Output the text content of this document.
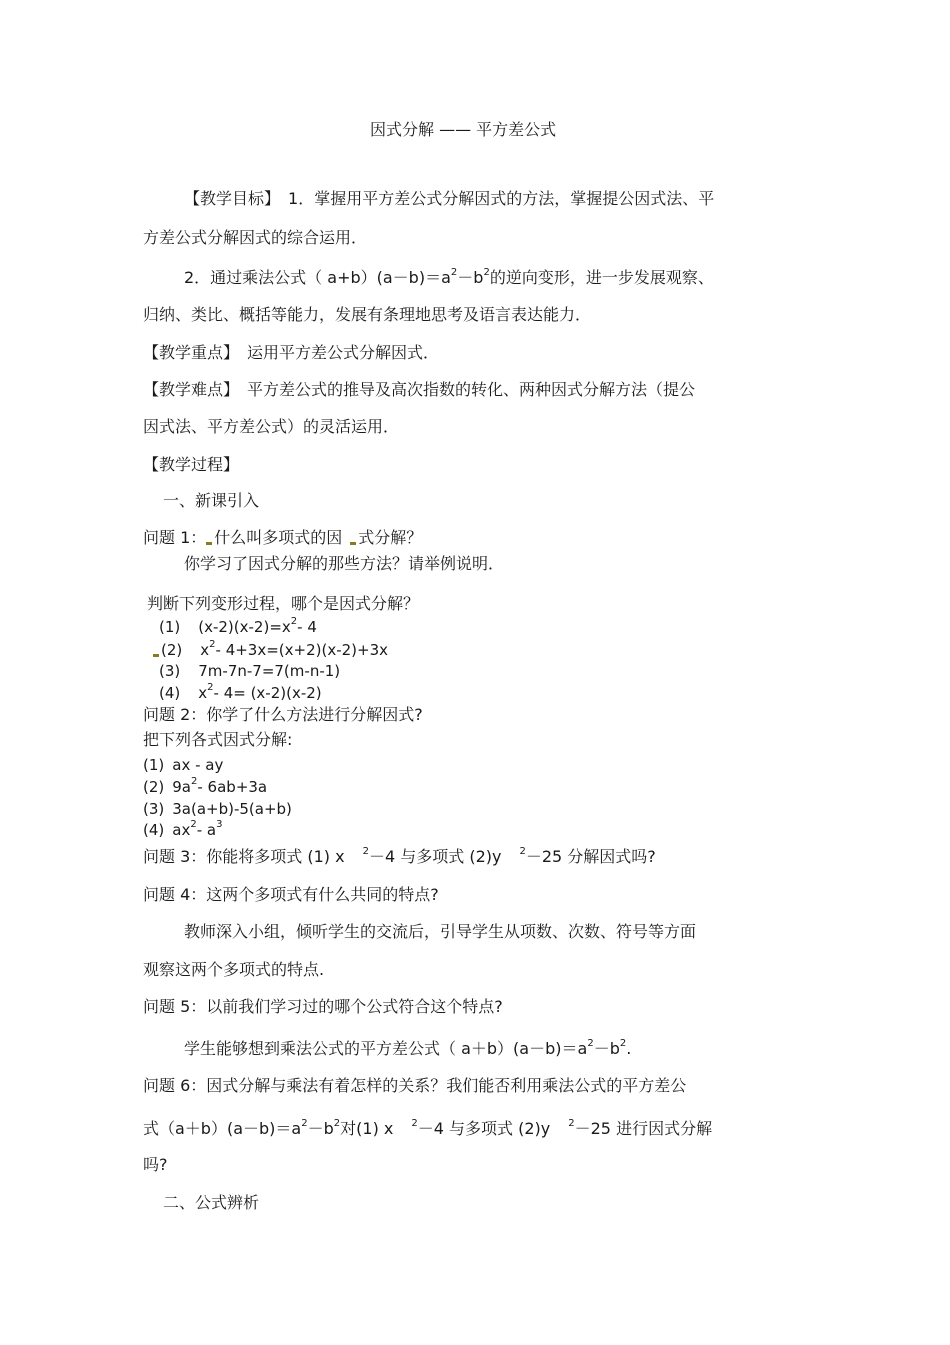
因式分解 —— 平方差公式
【教学目标】 1．掌握用平方差公式分解因式的方法，掌握提公因式法、平
方差公式分解因式的综合运用．
2．通过乘法公式（ $a+b)(a-b)=a^2-b^2$的逆向变形，进一步发展观察、
归纳、类比、概括等能力，发展有条理地思考及语言表达能力．
【教学重点】 运用平方差公式分解因式．
【教学难点】 平方差公式的推导及高次指数的转化、两种因式分解方法（提公
因式法、平方差公式）的灵活运用．
【教学过程】
一、新课引入
问题 1： 什么叫多项式的因 式分解？
你学习了因式分解的那些方法？请举例说明．
判断下列变形过程，哪个是因式分解？
(1) $(x-2)(x-2)=x^2-$ 4
(2) $x^2-$ 4+3x=(x+2)(x-2)+3x
(3) 7m-7n-7=7(m-n-1)
(4) $x^2-$ 4= (x-2)(x-2)
问题 2：你学了什么方法进行分解因式?
把下列各式因式分解:
(1) ax - ay
(2) $9a^2-$ 6ab+3a
(3) 3a(a+b)-5(a+b)
(4) $ax^2-$ $a^3$
问题 3：你能将多项式 (1) x $^2$－4 与多项式 (2)y $^2$－25 分解因式吗?
问题 4：这两个多项式有什么共同的特点?
教师深入小组，倾听学生的交流后，引导学生从项数、次数、符号等方面
观察这两个多项式的特点.
问题 5：以前我们学习过的哪个公式符合这个特点?
学生能够想到乘法公式的平方差公式（ $a+b)(a-b)=a^2-b^2$.
问题 6：因式分解与乘法有着怎样的关系？我们能否利用乘法公式的平方差公
式$(a+b)(a-b)=a^2-b^2$对(1) x $^2$－4 与多项式 (2)y $^2$－25 进行因式分解
吗?
二、公式辨析
